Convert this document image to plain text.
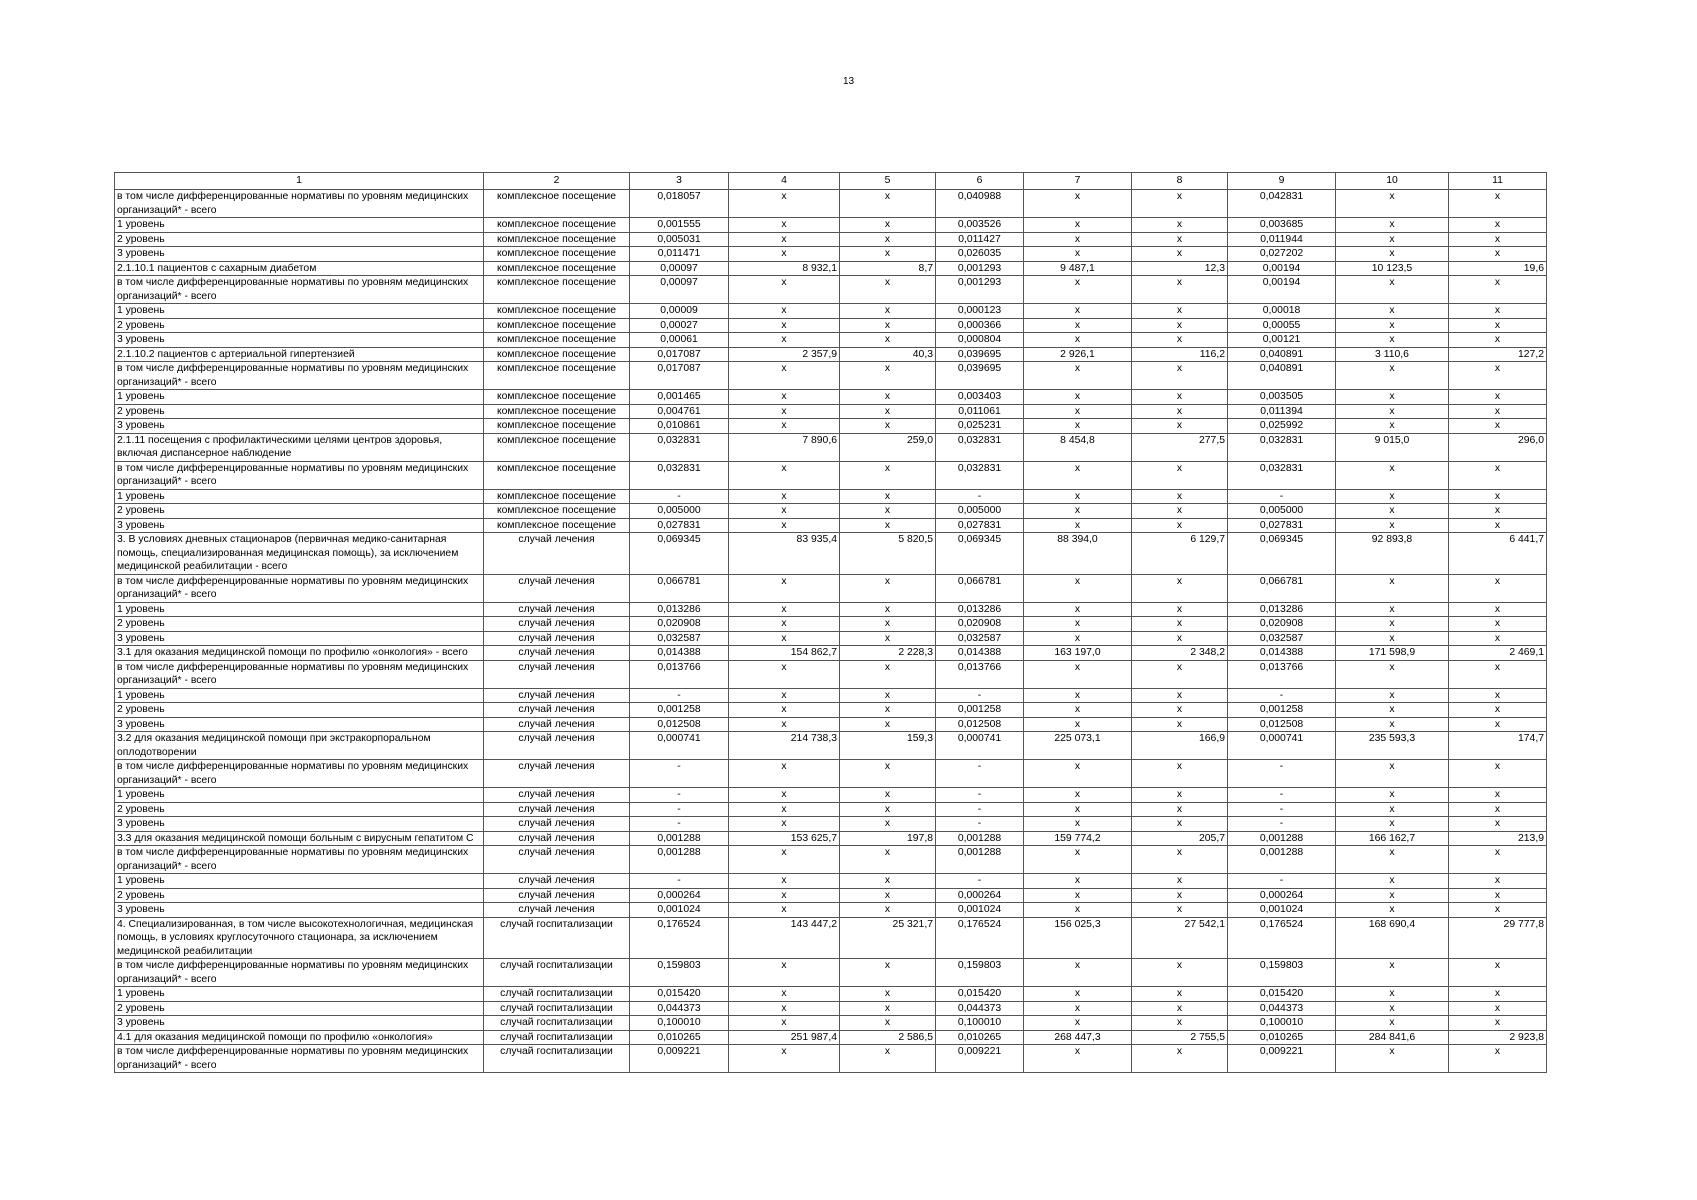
13
1	2	3	4	5	6	7	8	9	10	11
в том числе дифференцированные нормативы по уровням медицинских организаций* - всего	комплексное посещение	0,018057	x	x	0,040988	x	x	0,042831	x	x
1 уровень	комплексное посещение	0,001555	x	x	0,003526	x	x	0,003685	x	x
2 уровень	комплексное посещение	0,005031	x	x	0,011427	x	x	0,011944	x	x
3 уровень	комплексное посещение	0,011471	x	x	0,026035	x	x	0,027202	x	x
2.1.10.1 пациентов с сахарным диабетом	комплексное посещение	0,00097	8 932,1	8,7	0,001293	9 487,1	12,3	0,00194	10 123,5	19,6
в том числе дифференцированные нормативы по уровням медицинских организаций* - всего	комплексное посещение	0,00097	x	x	0,001293	x	x	0,00194	x	x
1 уровень	комплексное посещение	0,00009	x	x	0,000123	x	x	0,00018	x	x
2 уровень	комплексное посещение	0,00027	x	x	0,000366	x	x	0,00055	x	x
3 уровень	комплексное посещение	0,00061	x	x	0,000804	x	x	0,00121	x	x
2.1.10.2 пациентов с артериальной гипертензией	комплексное посещение	0,017087	2 357,9	40,3	0,039695	2 926,1	116,2	0,040891	3 110,6	127,2
в том числе дифференцированные нормативы по уровням медицинских организаций* - всего	комплексное посещение	0,017087	x	x	0,039695	x	x	0,040891	x	x
1 уровень	комплексное посещение	0,001465	x	x	0,003403	x	x	0,003505	x	x
2 уровень	комплексное посещение	0,004761	x	x	0,011061	x	x	0,011394	x	x
3 уровень	комплексное посещение	0,010861	x	x	0,025231	x	x	0,025992	x	x
2.1.11 посещения с профилактическими целями центров здоровья, включая диспансерное наблюдение	комплексное посещение	0,032831	7 890,6	259,0	0,032831	8 454,8	277,5	0,032831	9 015,0	296,0
в том числе дифференцированные нормативы по уровням медицинских организаций* - всего	комплексное посещение	0,032831	x	x	0,032831	x	x	0,032831	x	x
1 уровень	комплексное посещение	-	x	x	-	x	x	-	x	x
2 уровень	комплексное посещение	0,005000	x	x	0,005000	x	x	0,005000	x	x
3 уровень	комплексное посещение	0,027831	x	x	0,027831	x	x	0,027831	x	x
3. В условиях дневных стационаров (первичная медико-санитарная помощь, специализированная медицинская помощь), за исключением медицинской реабилитации - всего	случай лечения	0,069345	83 935,4	5 820,5	0,069345	88 394,0	6 129,7	0,069345	92 893,8	6 441,7
в том числе дифференцированные нормативы по уровням медицинских организаций* - всего	случай лечения	0,066781	x	x	0,066781	x	x	0,066781	x	x
1 уровень	случай лечения	0,013286	x	x	0,013286	x	x	0,013286	x	x
2 уровень	случай лечения	0,020908	x	x	0,020908	x	x	0,020908	x	x
3 уровень	случай лечения	0,032587	x	x	0,032587	x	x	0,032587	x	x
3.1 для оказания медицинской помощи по профилю «онкология» - всего	случай лечения	0,014388	154 862,7	2 228,3	0,014388	163 197,0	2 348,2	0,014388	171 598,9	2 469,1
в том числе дифференцированные нормативы по уровням медицинских организаций* - всего	случай лечения	0,013766	x	x	0,013766	x	x	0,013766	x	x
1 уровень	случай лечения	-	x	x	-	x	x	-	x	x
2 уровень	случай лечения	0,001258	x	x	0,001258	x	x	0,001258	x	x
3 уровень	случай лечения	0,012508	x	x	0,012508	x	x	0,012508	x	x
3.2 для оказания медицинской помощи при экстракорпоральном оплодотворении	случай лечения	0,000741	214 738,3	159,3	0,000741	225 073,1	166,9	0,000741	235 593,3	174,7
в том числе дифференцированные нормативы по уровням медицинских организаций* - всего	случай лечения	-	x	x	-	x	x	-	x	x
1 уровень	случай лечения	-	x	x	-	x	x	-	x	x
2 уровень	случай лечения	-	x	x	-	x	x	-	x	x
3 уровень	случай лечения	-	x	x	-	x	x	-	x	x
3.3 для оказания медицинской помощи больным с вирусным гепатитом С	случай лечения	0,001288	153 625,7	197,8	0,001288	159 774,2	205,7	0,001288	166 162,7	213,9
в том числе дифференцированные нормативы по уровням медицинских организаций* - всего	случай лечения	0,001288	x	x	0,001288	x	x	0,001288	x	x
1 уровень	случай лечения	-	x	x	-	x	x	-	x	x
2 уровень	случай лечения	0,000264	x	x	0,000264	x	x	0,000264	x	x
3 уровень	случай лечения	0,001024	x	x	0,001024	x	x	0,001024	x	x
4. Специализированная, в том числе высокотехнологичная, медицинская помощь, в условиях круглосуточного стационара, за исключением медицинской реабилитации	случай госпитализации	0,176524	143 447,2	25 321,7	0,176524	156 025,3	27 542,1	0,176524	168 690,4	29 777,8
в том числе дифференцированные нормативы по уровням медицинских организаций* - всего	случай госпитализации	0,159803	x	x	0,159803	x	x	0,159803	x	x
1 уровень	случай госпитализации	0,015420	x	x	0,015420	x	x	0,015420	x	x
2 уровень	случай госпитализации	0,044373	x	x	0,044373	x	x	0,044373	x	x
3 уровень	случай госпитализации	0,100010	x	x	0,100010	x	x	0,100010	x	x
4.1 для оказания медицинской помощи по профилю «онкология»	случай госпитализации	0,010265	251 987,4	2 586,5	0,010265	268 447,3	2 755,5	0,010265	284 841,6	2 923,8
в том числе дифференцированные нормативы по уровням медицинских организаций* - всего	случай госпитализации	0,009221	x	x	0,009221	x	x	0,009221	x	x
